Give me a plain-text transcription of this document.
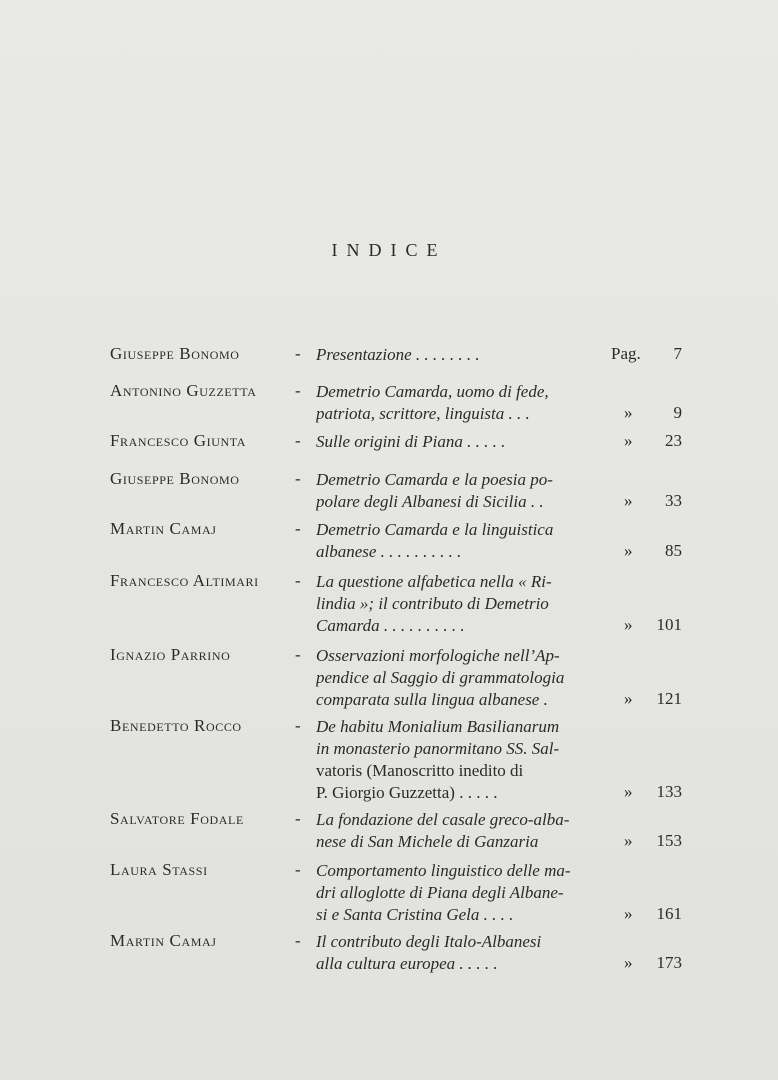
INDICE
Giuseppe Bonomo	- Presentazione . . . . . . . .	Pag. 7
Antonino Guzzetta - Demetrio Camarda, uomo di fede,
patriota, scrittore, linguista . . .	» 9
Francesco Giunta	- Sulle origini di Piana . . . . .	» 23
Giuseppe Bonomo	- Demetrio Camarda e la poesia po-
polare degli Albanesi di Sicilia . .	» 33
Martin Camaj	- Demetrio Camarda e la linguistica
albanese . . . . . . . . . .	» 85
Francesco Altimari - La questione alfabetica nella « Ri-
lindia »; il contributo di Demetrio
Camarda . . . . . . . . . .	» 101
Ignazio Parrino	- Osservazioni morfologiche nell’Ap-
pendice al Saggio di grammatologia
comparata sulla lingua albanese .	» 121
Benedetto Rocco	- De habitu Monialium Basilianarum
in monasterio panormitano SS. Sal-
vatoris (Manoscritto inedito di
P. Giorgio Guzzetta) . . . . .	» 133
Salvatore Fodale	- La fondazione del casale greco-alba-
nese di San Michele di Ganzaria	» 153
Laura Stassi	- Comportamento linguistico delle ma-
dri alloglotte di Piana degli Albane-
si e Santa Cristina Gela . . . .	» 161
Martin Camaj	- Il contributo degli Italo-Albanesi
alla cultura europea . . . . .	» 173
